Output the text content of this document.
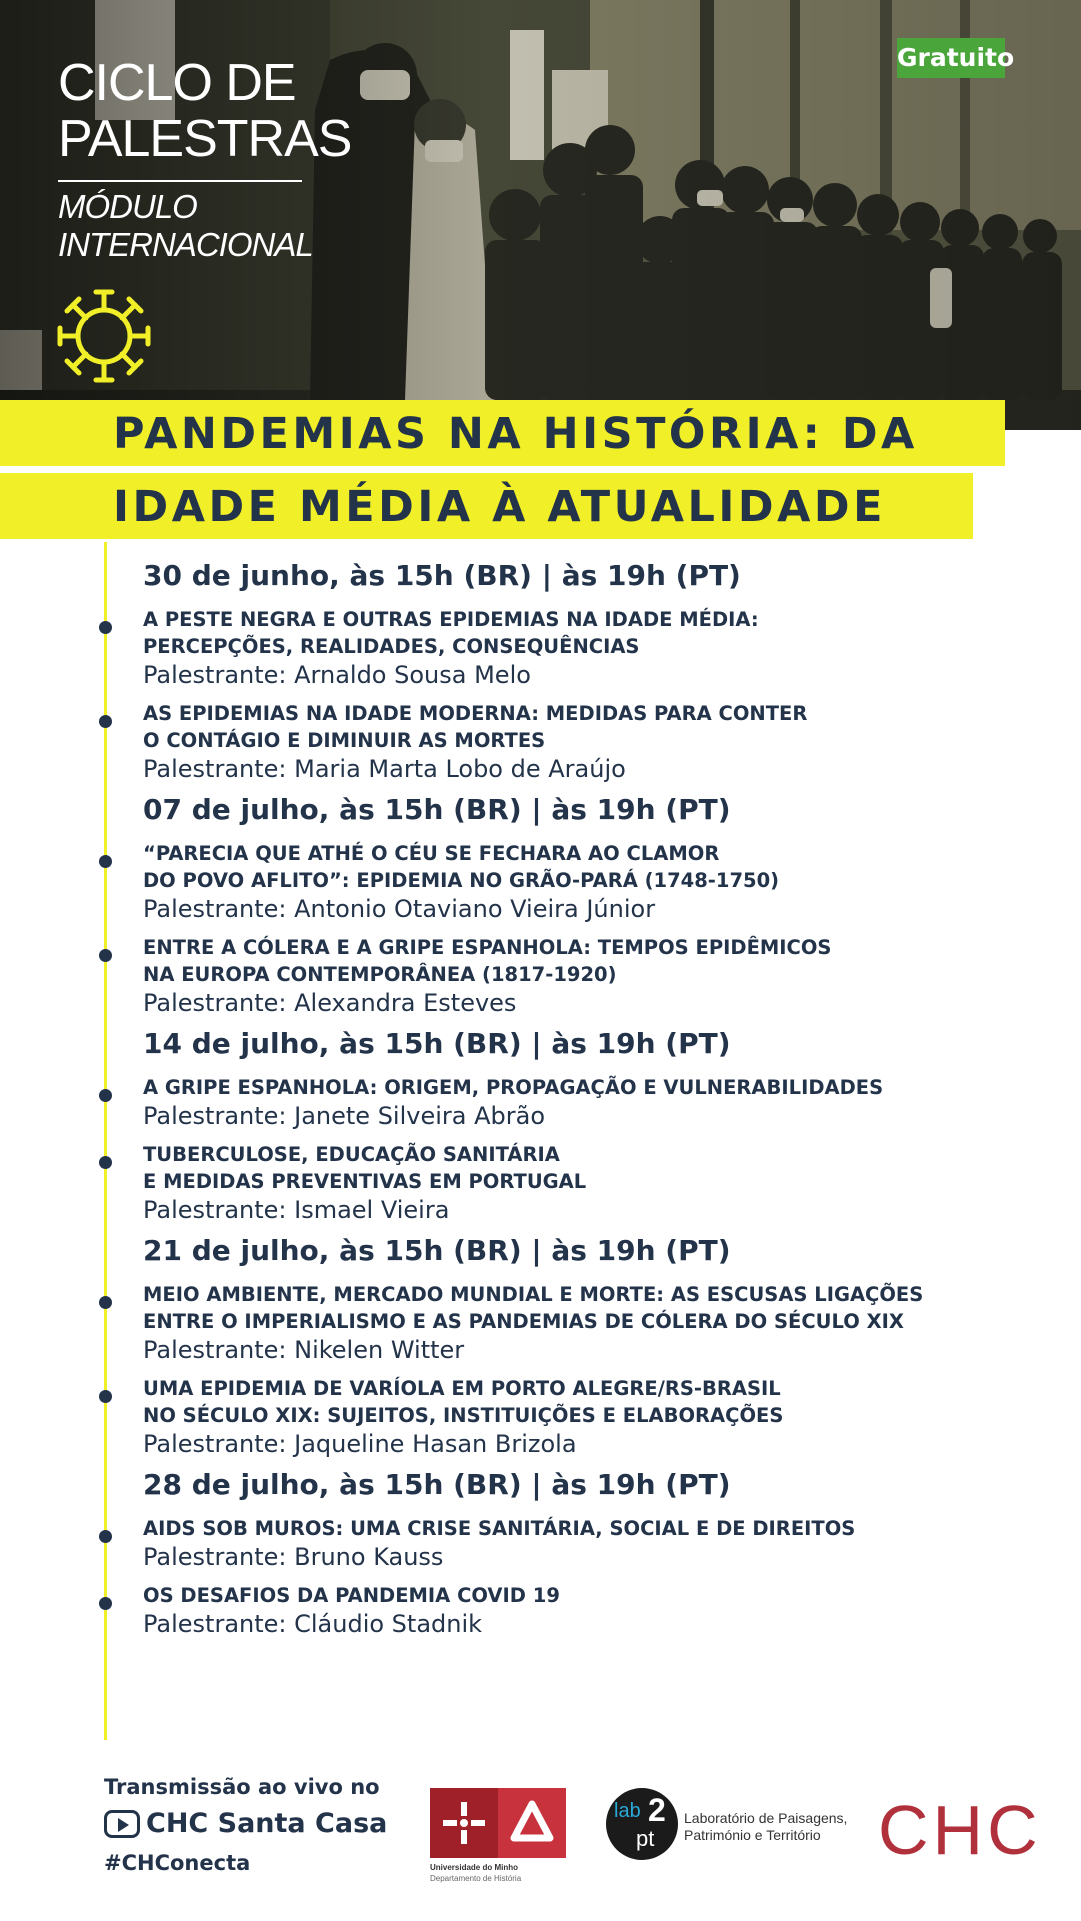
CICLO DE
PALESTRAS
MÓDULO
INTERNACIONAL
Gratuito
PANDEMIAS NA HISTÓRIA: DA
IDADE MÉDIA À ATUALIDADE
30 de junho, às 15h (BR) | às 19h (PT)
A PESTE NEGRA E OUTRAS EPIDEMIAS NA IDADE MÉDIA:
PERCEPÇÕES, REALIDADES, CONSEQUÊNCIAS
Palestrante: Arnaldo Sousa Melo
AS EPIDEMIAS NA IDADE MODERNA: MEDIDAS PARA CONTER
O CONTÁGIO E DIMINUIR AS MORTES
Palestrante: Maria Marta Lobo de Araújo
07 de julho, às 15h (BR) | às 19h (PT)
“PARECIA QUE ATHÉ O CÉU SE FECHARA AO CLAMOR
DO POVO AFLITO”: EPIDEMIA NO GRÃO-PARÁ (1748-1750)
Palestrante: Antonio Otaviano Vieira Júnior
ENTRE A CÓLERA E A GRIPE ESPANHOLA: TEMPOS EPIDÊMICOS
NA EUROPA CONTEMPORÂNEA (1817-1920)
Palestrante: Alexandra Esteves
14 de julho, às 15h (BR) | às 19h (PT)
A GRIPE ESPANHOLA: ORIGEM, PROPAGAÇÃO E VULNERABILIDADES
Palestrante: Janete Silveira Abrão
TUBERCULOSE, EDUCAÇÃO SANITÁRIA
E MEDIDAS PREVENTIVAS EM PORTUGAL
Palestrante: Ismael Vieira
21 de julho, às 15h (BR) | às 19h (PT)
MEIO AMBIENTE, MERCADO MUNDIAL E MORTE: AS ESCUSAS LIGAÇÕES
ENTRE O IMPERIALISMO E AS PANDEMIAS DE CÓLERA DO SÉCULO XIX
Palestrante: Nikelen Witter
UMA EPIDEMIA DE VARÍOLA EM PORTO ALEGRE/RS-BRASIL
NO SÉCULO XIX: SUJEITOS, INSTITUIÇÕES E ELABORAÇÕES
Palestrante: Jaqueline Hasan Brizola
28 de julho, às 15h (BR) | às 19h (PT)
AIDS SOB MUROS: UMA CRISE SANITÁRIA, SOCIAL E DE DIREITOS
Palestrante: Bruno Kauss
OS DESAFIOS DA PANDEMIA COVID 19
Palestrante: Cláudio Stadnik
Transmissão ao vivo no
CHC Santa Casa
#CHConecta	Universidade do Minho
Departamento de História
lab 2
pt
Laboratório de Paisagens,
Património e Território CHC
